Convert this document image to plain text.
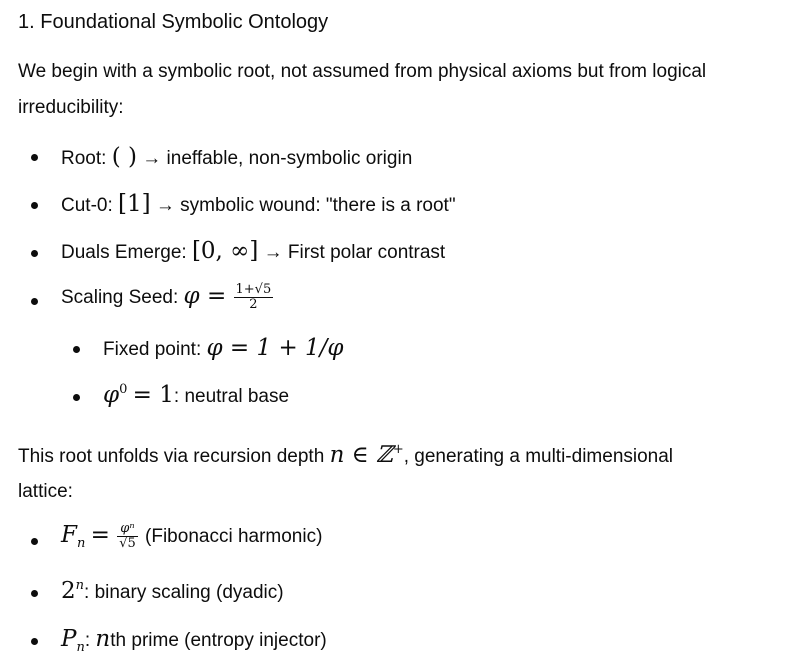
1. Foundational Symbolic Ontology
We begin with a symbolic root, not assumed from physical axioms but from logical
irreducibility:
Root: ( ) → ineffable, non-symbolic origin
Cut-0: [1] → symbolic wound: "there is a root"
Duals Emerge: [0, ∞] → First polar contrast
Scaling Seed: $\varphi = \frac{1+√5}{2}$
Fixed point: φ = 1 + 1/φ
$\varphi^0 = 1$: neutral base
This root unfolds via recursion depth n ∈ ℤ+, generating a multi-dimensional
lattice:
$F_n = \frac{\text{φⁿ}}{√5}$ (Fibonacci harmonic)
2$^n$: binary scaling (dyadic)
$P_n$: nth prime (entropy injector)
